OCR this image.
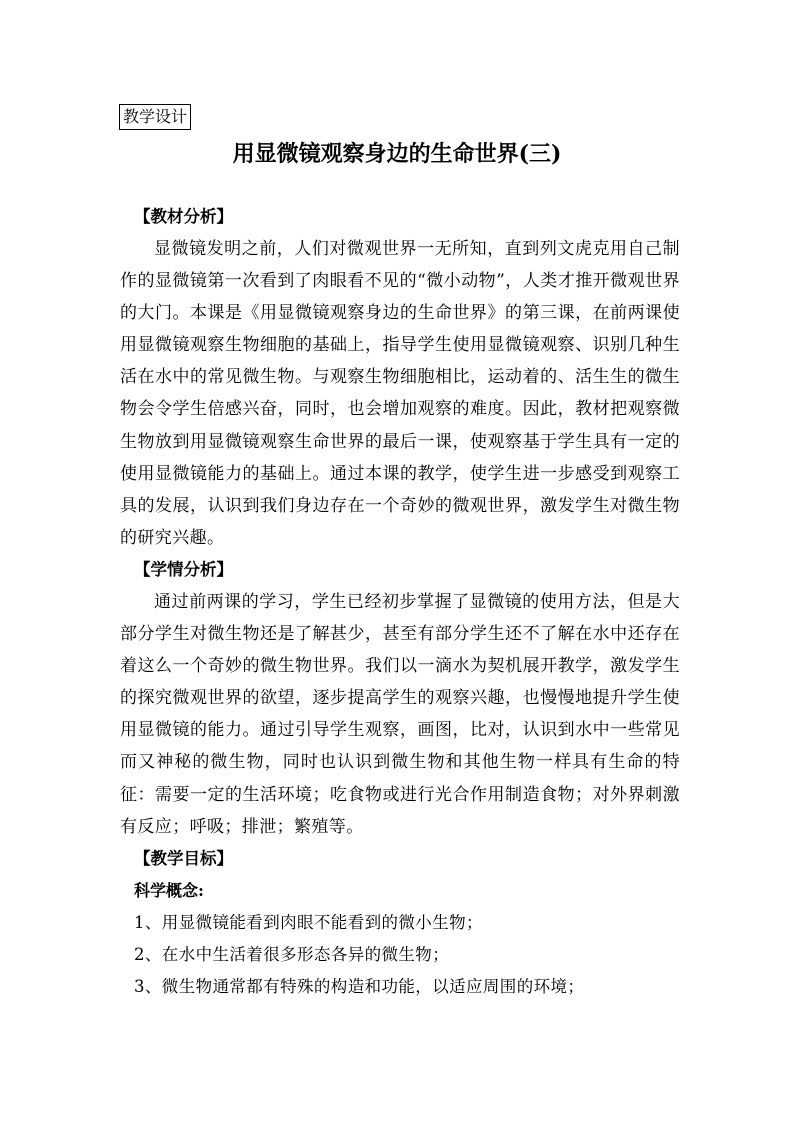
教学设计
用显微镜观察身边的生命世界(三)
【教材分析】

显微镜发明之前，人们对微观世界一无所知，直到列文虎克用自己制作的显微镜第一次看到了肉眼看不见的“微小动物”，人类才推开微观世界的大门。本课是《用显微镜观察身边的生命世界》的第三课，在前两课使用显微镜观察生物细胞的基础上，指导学生使用显微镜观察、识别几种生活在水中的常见微生物。与观察生物细胞相比，运动着的、活生生的微生物会令学生倍感兴奋，同时，也会增加观察的难度。因此，教材把观察微生物放到用显微镜观察生命世界的最后一课，使观察基于学生具有一定的使用显微镜能力的基础上。通过本课的教学，使学生进一步感受到观察工具的发展，认识到我们身边存在一个奇妙的微观世界，激发学生对微生物的研究兴趣。

【学情分析】

通过前两课的学习，学生已经初步掌握了显微镜的使用方法，但是大部分学生对微生物还是了解甚少，甚至有部分学生还不了解在水中还存在着这么一个奇妙的微生物世界。我们以一滴水为契机展开教学，激发学生的探究微观世界的欲望，逐步提高学生的观察兴趣，也慢慢地提升学生使用显微镜的能力。通过引导学生观察，画图，比对，认识到水中一些常见而又神秘的微生物，同时也认识到微生物和其他生物一样具有生命的特征：需要一定的生活环境；吃食物或进行光合作用制造食物；对外界刺激有反应；呼吸；排泄；繁殖等。

【教学目标】
科学概念:
1、用显微镜能看到肉眼不能看到的微小生物；
2、在水中生活着很多形态各异的微生物；
3、微生物通常都有特殊的构造和功能，以适应周围的环境；
